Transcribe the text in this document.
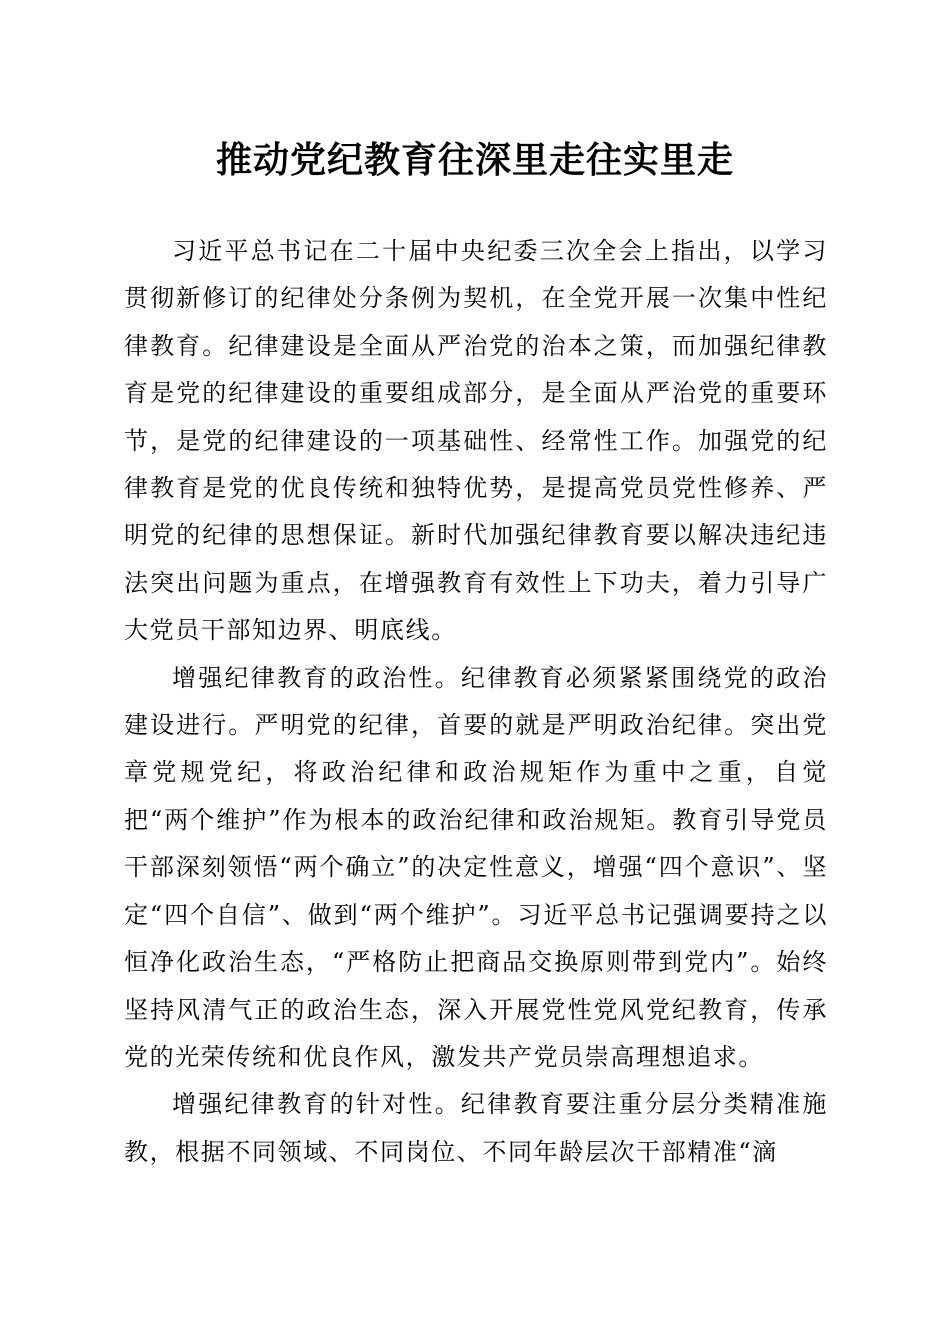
推动党纪教育往深里走往实里走

习近平总书记在二十届中央纪委三次全会上指出，以学习贯彻新修订的纪律处分条例为契机，在全党开展一次集中性纪律教育。纪律建设是全面从严治党的治本之策，而加强纪律教育是党的纪律建设的重要组成部分，是全面从严治党的重要环节，是党的纪律建设的一项基础性、经常性工作。加强党的纪律教育是党的优良传统和独特优势，是提高党员党性修养、严明党的纪律的思想保证。新时代加强纪律教育要以解决违纪违法突出问题为重点，在增强教育有效性上下功夫，着力引导广大党员干部知边界、明底线。

增强纪律教育的政治性。纪律教育必须紧紧围绕党的政治建设进行。严明党的纪律，首要的就是严明政治纪律。突出党章党规党纪，将政治纪律和政治规矩作为重中之重，自觉把“两个维护”作为根本的政治纪律和政治规矩。教育引导党员干部深刻领悟“两个确立”的决定性意义，增强“四个意识”、坚定“四个自信”、做到“两个维护”。习近平总书记强调要持之以恒净化政治生态，“严格防止把商品交换原则带到党内”。始终坚持风清气正的政治生态，深入开展党性党风党纪教育，传承党的光荣传统和优良作风，激发共产党员崇高理想追求。

增强纪律教育的针对性。纪律教育要注重分层分类精准施教，根据不同领域、不同岗位、不同年龄层次干部精准“滴
